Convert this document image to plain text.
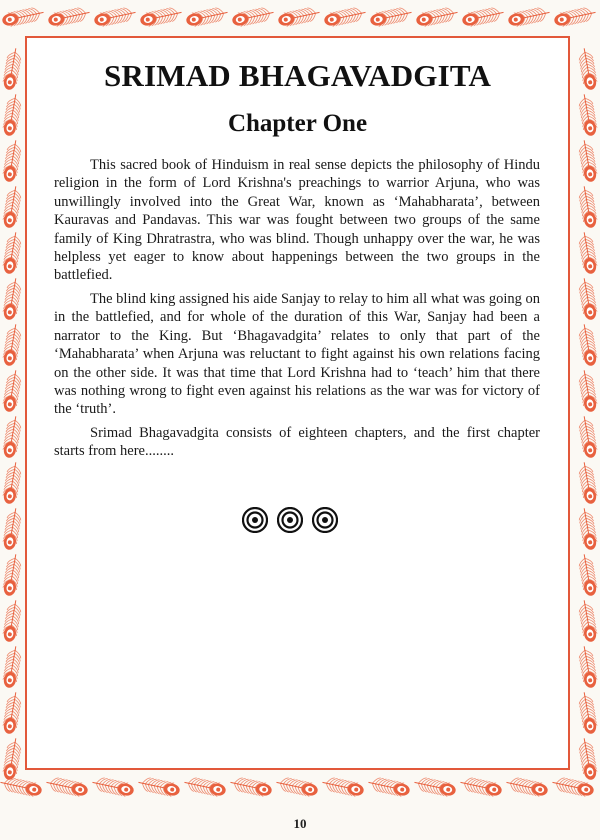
SRIMAD BHAGAVADGITA
Chapter One

This sacred book of Hinduism in real sense depicts the philosophy of Hindu religion in the form of Lord Krishna's preachings to warrior Arjuna, who was unwillingly involved into the Great War, known as ‘Mahabharata’, between Kauravas and Pandavas. This war was fought between two groups of the same family of King Dhratrastra, who was blind. Though unhappy over the war, he was helpless yet eager to know about happenings between the two groups in the battlefied.

The blind king assigned his aide Sanjay to relay to him all what was going on in the battlefied, and for whole of the duration of this War, Sanjay had been a narrator to the King. But ‘Bhagavadgita’ relates to only that part of the ‘Mahabharata’ when Arjuna was reluctant to fight against his own relations facing on the other side. It was that time that Lord Krishna had to ‘teach’ him that there was nothing wrong to fight even against his relations as the war was for victory of the ‘truth’.

Srimad Bhagavadgita consists of eighteen chapters, and the first chapter starts from here........

10
